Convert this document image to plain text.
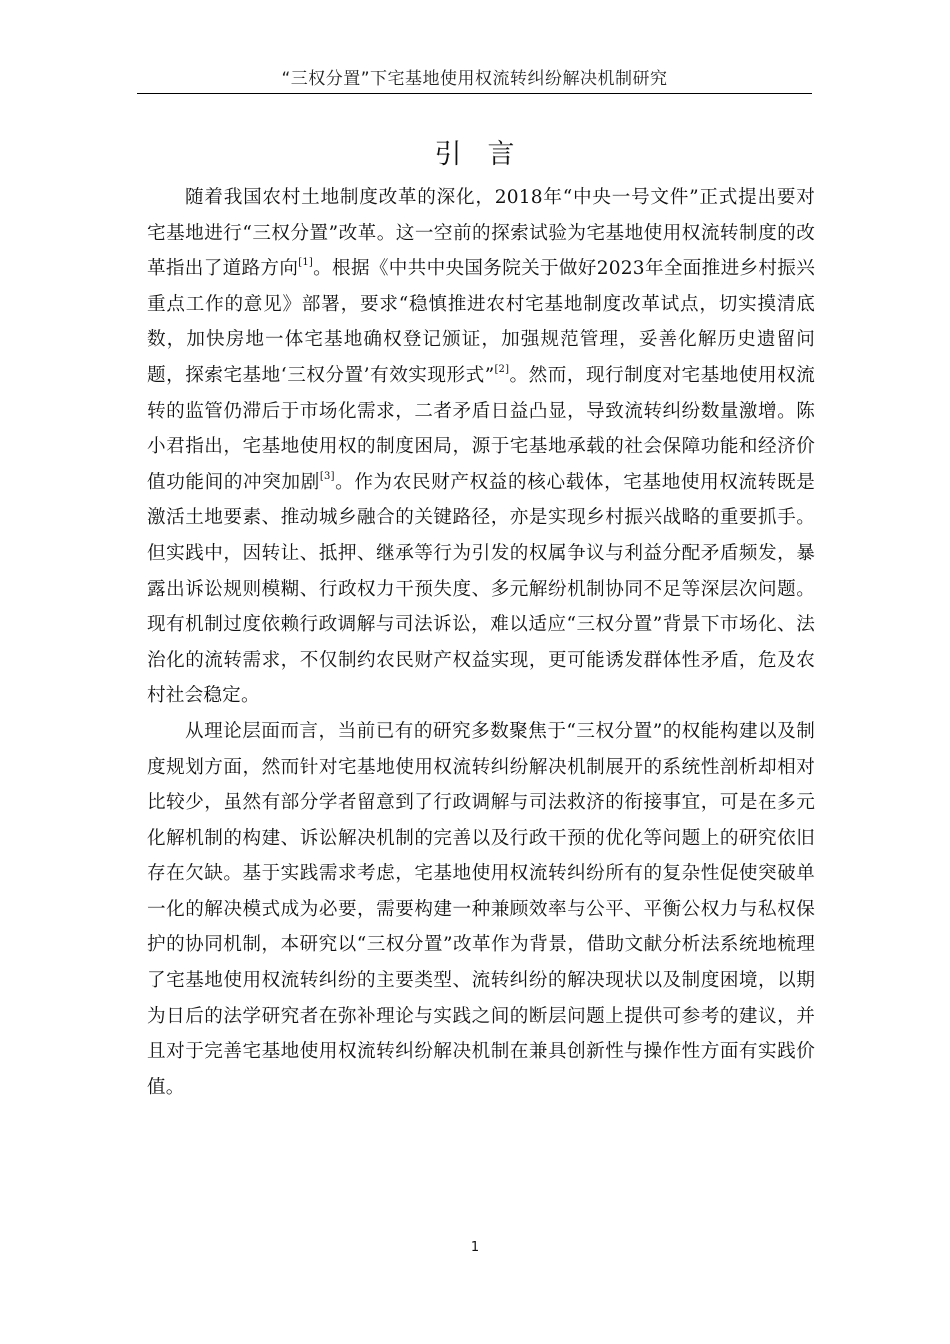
“三权分置”下宅基地使用权流转纠纷解决机制研究
引言

随着我国农村土地制度改革的深化，2018年“中央一号文件”正式提出要对宅基地进行“三权分置”改革。这一空前的探索试验为宅基地使用权流转制度的改革指出了道路方向[1]。根据《中共中央国务院关于做好2023年全面推进乡村振兴重点工作的意见》部署，要求“稳慎推进农村宅基地制度改革试点，切实摸清底数，加快房地一体宅基地确权登记颁证，加强规范管理，妥善化解历史遗留问题，探索宅基地‘三权分置’有效实现形式”[2]。然而，现行制度对宅基地使用权流转的监管仍滞后于市场化需求，二者矛盾日益凸显，导致流转纠纷数量激增。陈小君指出，宅基地使用权的制度困局，源于宅基地承载的社会保障功能和经济价值功能间的冲突加剧[3]。作为农民财产权益的核心载体，宅基地使用权流转既是激活土地要素、推动城乡融合的关键路径，亦是实现乡村振兴战略的重要抓手。但实践中，因转让、抵押、继承等行为引发的权属争议与利益分配矛盾频发，暴露出诉讼规则模糊、行政权力干预失度、多元解纷机制协同不足等深层次问题。现有机制过度依赖行政调解与司法诉讼，难以适应“三权分置”背景下市场化、法治化的流转需求，不仅制约农民财产权益实现，更可能诱发群体性矛盾，危及农村社会稳定。

从理论层面而言，当前已有的研究多数聚焦于“三权分置”的权能构建以及制度规划方面，然而针对宅基地使用权流转纠纷解决机制展开的系统性剖析却相对比较少，虽然有部分学者留意到了行政调解与司法救济的衔接事宜，可是在多元化解机制的构建、诉讼解决机制的完善以及行政干预的优化等问题上的研究依旧存在欠缺。基于实践需求考虑，宅基地使用权流转纠纷所有的复杂性促使突破单一化的解决模式成为必要，需要构建一种兼顾效率与公平、平衡公权力与私权保护的协同机制，本研究以“三权分置”改革作为背景，借助文献分析法系统地梳理了宅基地使用权流转纠纷的主要类型、流转纠纷的解决现状以及制度困境，以期为日后的法学研究者在弥补理论与实践之间的断层问题上提供可参考的建议，并且对于完善宅基地使用权流转纠纷解决机制在兼具创新性与操作性方面有实践价值。

1
